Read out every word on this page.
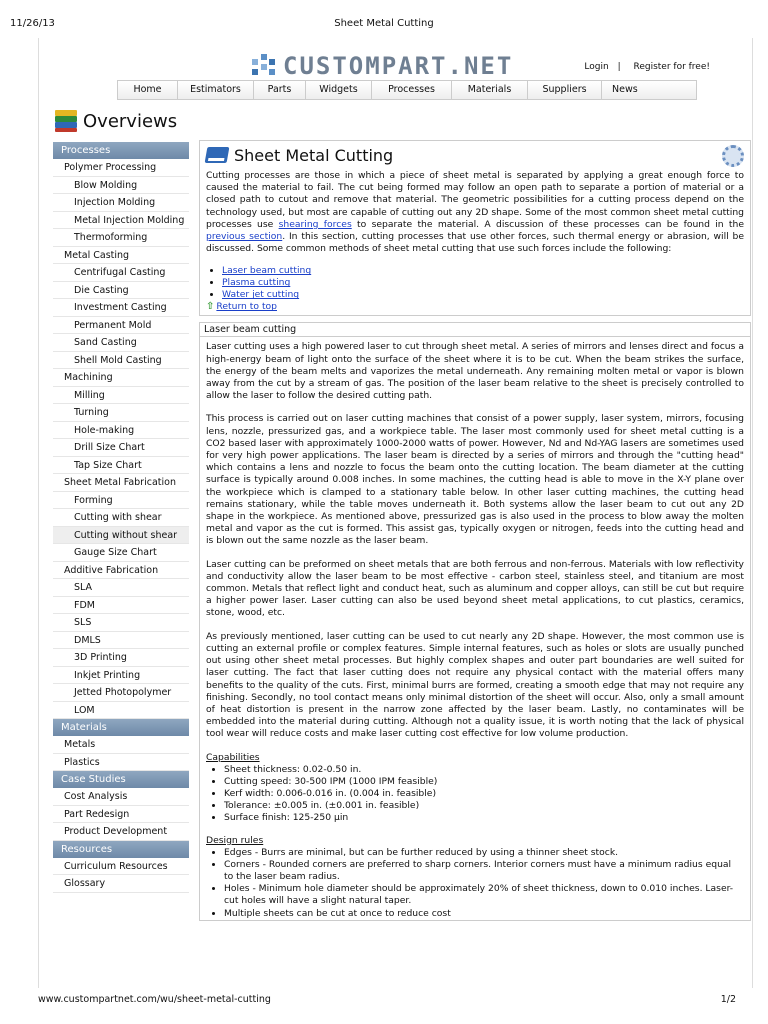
11/26/13	Sheet Metal Cutting
CUSTOMPART.NET	Login | Register for free!
Home	Estimators	Parts	Widgets	Processes	Materials	Suppliers	News
Overviews
Processes
Polymer Processing
Blow Molding
Injection Molding
Metal Injection Molding
Thermoforming
Metal Casting
Centrifugal Casting
Die Casting
Investment Casting
Permanent Mold
Sand Casting
Shell Mold Casting
Machining
Milling
Turning
Hole-making
Drill Size Chart
Tap Size Chart
Sheet Metal Fabrication
Forming
Cutting with shear
Cutting without shear
Gauge Size Chart
Additive Fabrication
SLA
FDM
SLS
DMLS
3D Printing
Inkjet Printing
Jetted Photopolymer
LOM
Materials
Metals
Plastics
Case Studies
Cost Analysis
Part Redesign
Product Development
Resources
Curriculum Resources
Glossary
Sheet Metal Cutting

Cutting processes are those in which a piece of sheet metal is separated by applying a great enough force to caused the material to fail. The cut being formed may follow an open path to separate a portion of material or a closed path to cutout and remove that material. The geometric possibilities for a cutting process depend on the technology used, but most are capable of cutting out any 2D shape. Some of the most common sheet metal cutting processes use shearing forces to separate the material. A discussion of these processes can be found in the previous section. In this section, cutting processes that use other forces, such thermal energy or abrasion, will be discussed. Some common methods of sheet metal cutting that use such forces include the following:

• Laser beam cutting
• Plasma cutting
• Water jet cutting
⇧ Return to top
Laser beam cutting

Laser cutting uses a high powered laser to cut through sheet metal. A series of mirrors and lenses direct and focus a high-energy beam of light onto the surface of the sheet where it is to be cut. When the beam strikes the surface, the energy of the beam melts and vaporizes the metal underneath. Any remaining molten metal or vapor is blown away from the cut by a stream of gas. The position of the laser beam relative to the sheet is precisely controlled to allow the laser to follow the desired cutting path.

This process is carried out on laser cutting machines that consist of a power supply, laser system, mirrors, focusing lens, nozzle, pressurized gas, and a workpiece table. The laser most commonly used for sheet metal cutting is a CO2 based laser with approximately 1000-2000 watts of power. However, Nd and Nd-YAG lasers are sometimes used for very high power applications. The laser beam is directed by a series of mirrors and through the "cutting head" which contains a lens and nozzle to focus the beam onto the cutting location. The beam diameter at the cutting surface is typically around 0.008 inches. In some machines, the cutting head is able to move in the X-Y plane over the workpiece which is clamped to a stationary table below. In other laser cutting machines, the cutting head remains stationary, while the table moves underneath it. Both systems allow the laser beam to cut out any 2D shape in the workpiece. As mentioned above, pressurized gas is also used in the process to blow away the molten metal and vapor as the cut is formed. This assist gas, typically oxygen or nitrogen, feeds into the cutting head and is blown out the same nozzle as the laser beam.

Laser cutting can be preformed on sheet metals that are both ferrous and non-ferrous. Materials with low reflectivity and conductivity allow the laser beam to be most effective - carbon steel, stainless steel, and titanium are most common. Metals that reflect light and conduct heat, such as aluminum and copper alloys, can still be cut but require a higher power laser. Laser cutting can also be used beyond sheet metal applications, to cut plastics, ceramics, stone, wood, etc.

As previously mentioned, laser cutting can be used to cut nearly any 2D shape. However, the most common use is cutting an external profile or complex features. Simple internal features, such as holes or slots are usually punched out using other sheet metal processes. But highly complex shapes and outer part boundaries are well suited for laser cutting. The fact that laser cutting does not require any physical contact with the material offers many benefits to the quality of the cuts. First, minimal burrs are formed, creating a smooth edge that may not require any finishing. Secondly, no tool contact means only minimal distortion of the sheet will occur. Also, only a small amount of heat distortion is present in the narrow zone affected by the laser beam. Lastly, no contaminates will be embedded into the material during cutting. Although not a quality issue, it is worth noting that the lack of physical tool wear will reduce costs and make laser cutting cost effective for low volume production.

Capabilities
• Sheet thickness: 0.02-0.50 in.
• Cutting speed: 30-500 IPM (1000 IPM feasible)
• Kerf width: 0.006-0.016 in. (0.004 in. feasible)
• Tolerance: ±0.005 in. (±0.001 in. feasible)
• Surface finish: 125-250 μin
Design rules
• Edges - Burrs are minimal, but can be further reduced by using a thinner sheet stock.
• Corners - Rounded corners are preferred to sharp corners. Interior corners must have a minimum radius equal to the laser beam radius.
• Holes - Minimum hole diameter should be approximately 20% of sheet thickness, down to 0.010 inches. Laser-cut holes will have a slight natural taper.
• Multiple sheets can be cut at once to reduce cost
www.custompartnet.com/wu/sheet-metal-cutting	1/2
